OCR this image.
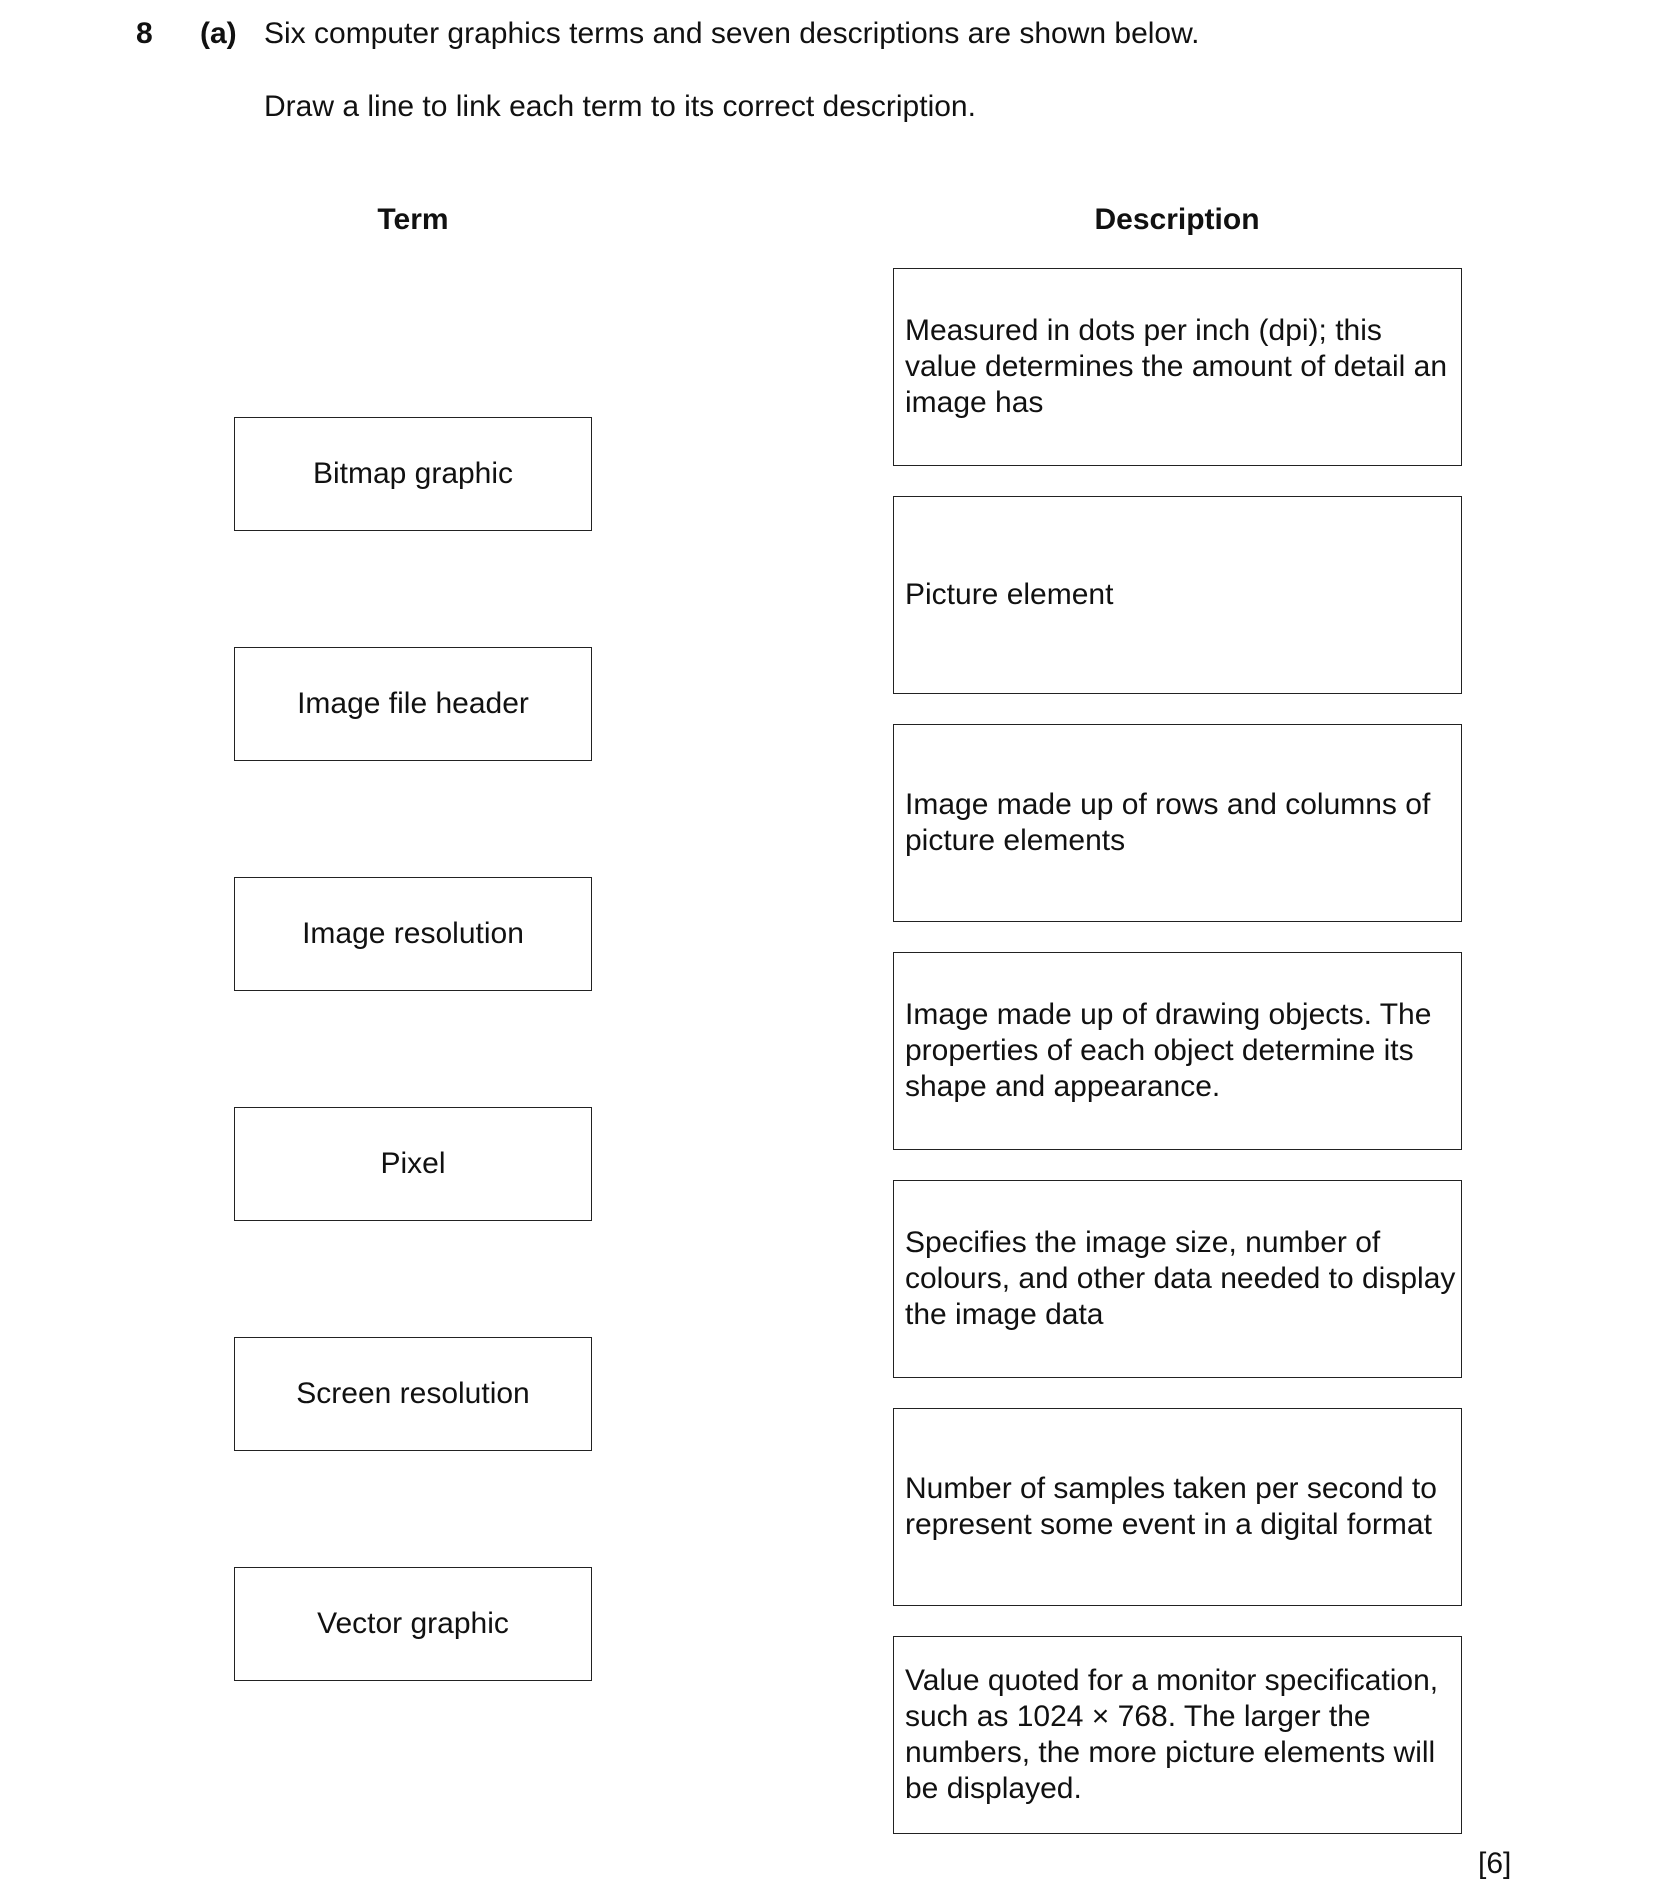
8 (a) Six computer graphics terms and seven descriptions are shown below.
Draw a line to link each term to its correct description.
Term	Description
Bitmap graphic
Image file header
Image resolution
Pixel
Screen resolution
Vector graphic
Measured in dots per inch (dpi); this value determines the amount of detail an image has
Picture element
Image made up of rows and columns of picture elements
Image made up of drawing objects. The properties of each object determine its shape and appearance.
Specifies the image size, number of colours, and other data needed to display the image data
Number of samples taken per second to represent some event in a digital format
Value quoted for a monitor specification, such as 1024 × 768. The larger the numbers, the more picture elements will be displayed.
[6]
